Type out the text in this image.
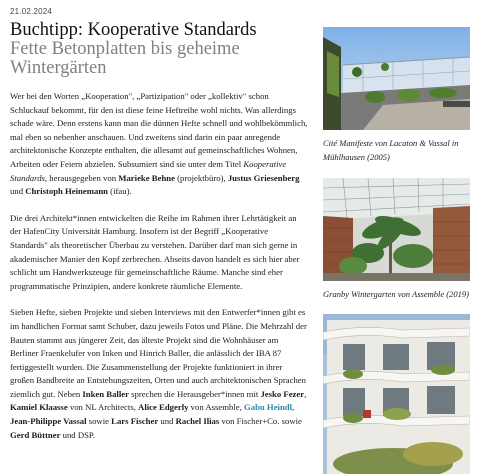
21.02.2024
Buchtipp: Kooperative Standards
Fette Betonplatten bis geheime Wintergärten

Wer bei den Worten „Kooperation", „Partizipation" oder „kollektiv" schon Schluckauf bekommt, für den ist diese feine Heftreihe wohl nichts. Was allerdings schade wäre. Denn erstens kann man die dünnen Hefte schnell und wohlbekömmlich, mal eben so nebenher anschauen. Und zweitens sind darin ein paar anregende architektonische Konzepte enthalten, die allesamt auf gemeinschaftliches Wohnen, Arbeiten oder Feiern abzielen. Subsumiert sind sie unter dem Titel Kooperative Standards, herausgegeben von Marieke Behne (projektbüro), Justus Griesenberg und Christoph Heinemann (ifau).

Die drei Architekt*innen entwickelten die Reihe im Rahmen ihrer Lehrtätigkeit an der HafenCity Universität Hamburg. Insofern ist der Begriff „Kooperative Standards" als theoretischer Überbau zu verstehen. Darüber darf man sich gerne in akademischer Manier den Kopf zerbrechen. Abseits davon handelt es sich hier aber schlicht um Handwerkszeuge für gemeinschaftliche Räume. Manche sind eher programmatische Prinzipien, andere konkrete räumliche Elemente.

Sieben Hefte, sieben Projekte und sieben Interviews mit den Entwerfer*innen gibt es im handlichen Format samt Schuber, dazu jeweils Fotos und Pläne. Die Mehrzahl der Bauten stammt aus jüngerer Zeit, das älteste Projekt sind die Wohnhäuser am Berliner Fraenkelufer von Inken und Hinrich Baller, die anlässlich der IBA 87 fertiggestellt wurden. Die Zusammenstellung der Projekte funktioniert in ihrer großen Bandbreite an Entstehungszeiten, Orten und auch architektonischen Sprachen ziemlich gut. Neben Inken Baller sprechen die Herausgeber*innen mit Jesko Fezer, Kamiel Klaasse von NL Architects, Alice Edgerly von Assemble, Gabu Heindl, Jean-Philippe Vassal sowie Lars Fischer und Rachel Ilias von Fischer+Co. sowie Gerd Büttner und DSP.

Cité Manifeste von Lacaton & Vassal in Mühlhausen (2005)
Granby Wintergarten von Assemble (2019)
